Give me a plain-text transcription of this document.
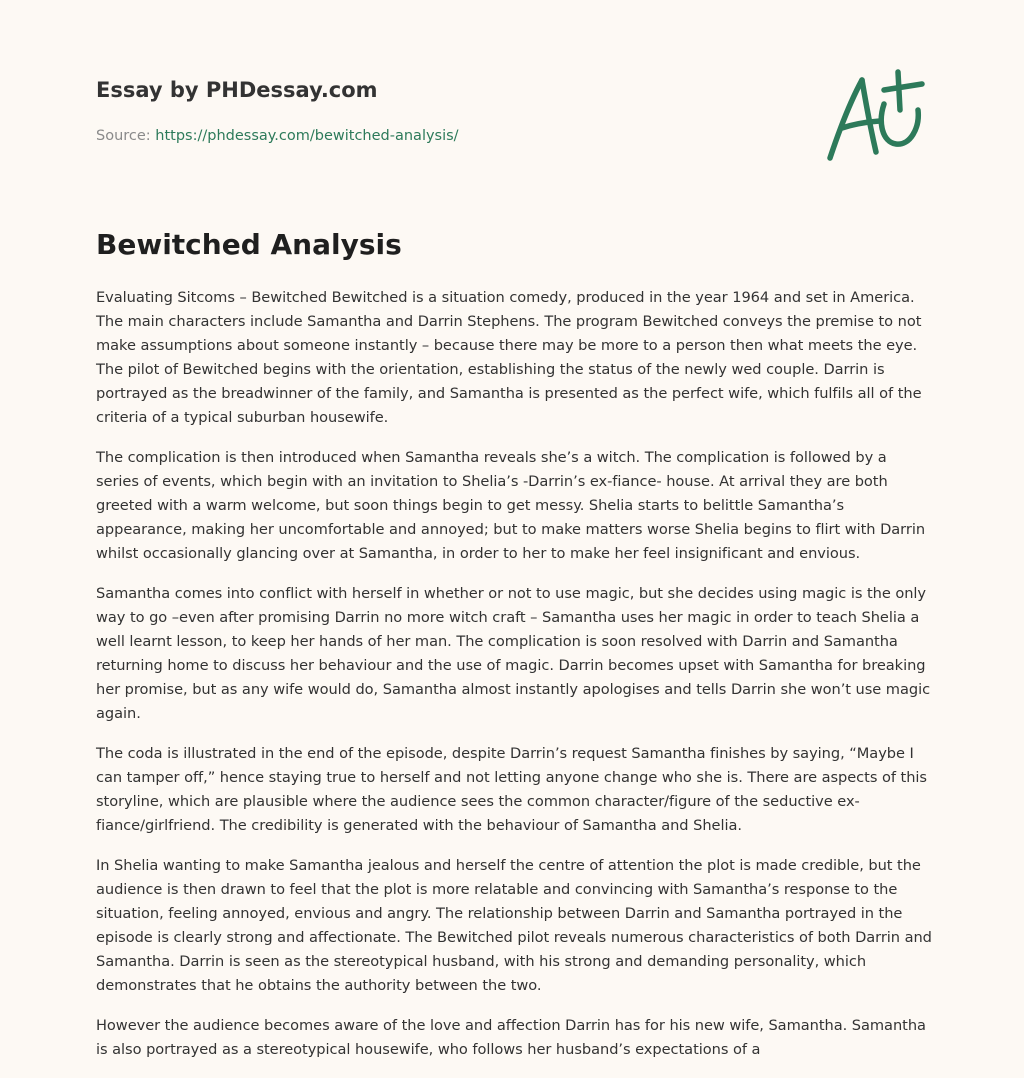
Essay by PHDessay.com
Source: https://phdessay.com/bewitched-analysis/
Bewitched Analysis

Evaluating Sitcoms – Bewitched Bewitched is a situation comedy, produced in the year 1964 and set in America. The main characters include Samantha and Darrin Stephens. The program Bewitched conveys the premise to not make assumptions about someone instantly – because there may be more to a person then what meets the eye. The pilot of Bewitched begins with the orientation, establishing the status of the newly wed couple. Darrin is portrayed as the breadwinner of the family, and Samantha is presented as the perfect wife, which fulfils all of the criteria of a typical suburban housewife.

The complication is then introduced when Samantha reveals she’s a witch. The complication is followed by a series of events, which begin with an invitation to Shelia’s -Darrin’s ex-fiance- house. At arrival they are both greeted with a warm welcome, but soon things begin to get messy. Shelia starts to belittle Samantha’s appearance, making her uncomfortable and annoyed; but to make matters worse Shelia begins to flirt with Darrin whilst occasionally glancing over at Samantha, in order to her to make her feel insignificant and envious.

Samantha comes into conflict with herself in whether or not to use magic, but she decides using magic is the only way to go –even after promising Darrin no more witch craft – Samantha uses her magic in order to teach Shelia a well learnt lesson, to keep her hands of her man. The complication is soon resolved with Darrin and Samantha returning home to discuss her behaviour and the use of magic. Darrin becomes upset with Samantha for breaking her promise, but as any wife would do, Samantha almost instantly apologises and tells Darrin she won’t use magic again.

The coda is illustrated in the end of the episode, despite Darrin’s request Samantha finishes by saying, “Maybe I can tamper off,” hence staying true to herself and not letting anyone change who she is. There are aspects of this storyline, which are plausible where the audience sees the common character/figure of the seductive ex-fiance/girlfriend. The credibility is generated with the behaviour of Samantha and Shelia.

In Shelia wanting to make Samantha jealous and herself the centre of attention the plot is made credible, but the audience is then drawn to feel that the plot is more relatable and convincing with Samantha’s response to the situation, feeling annoyed, envious and angry. The relationship between Darrin and Samantha portrayed in the episode is clearly strong and affectionate. The Bewitched pilot reveals numerous characteristics of both Darrin and Samantha. Darrin is seen as the stereotypical husband, with his strong and demanding personality, which demonstrates that he obtains the authority between the two.

However the audience becomes aware of the love and affection Darrin has for his new wife, Samantha. Samantha is also portrayed as a stereotypical housewife, who follows her husband’s expectations of a
